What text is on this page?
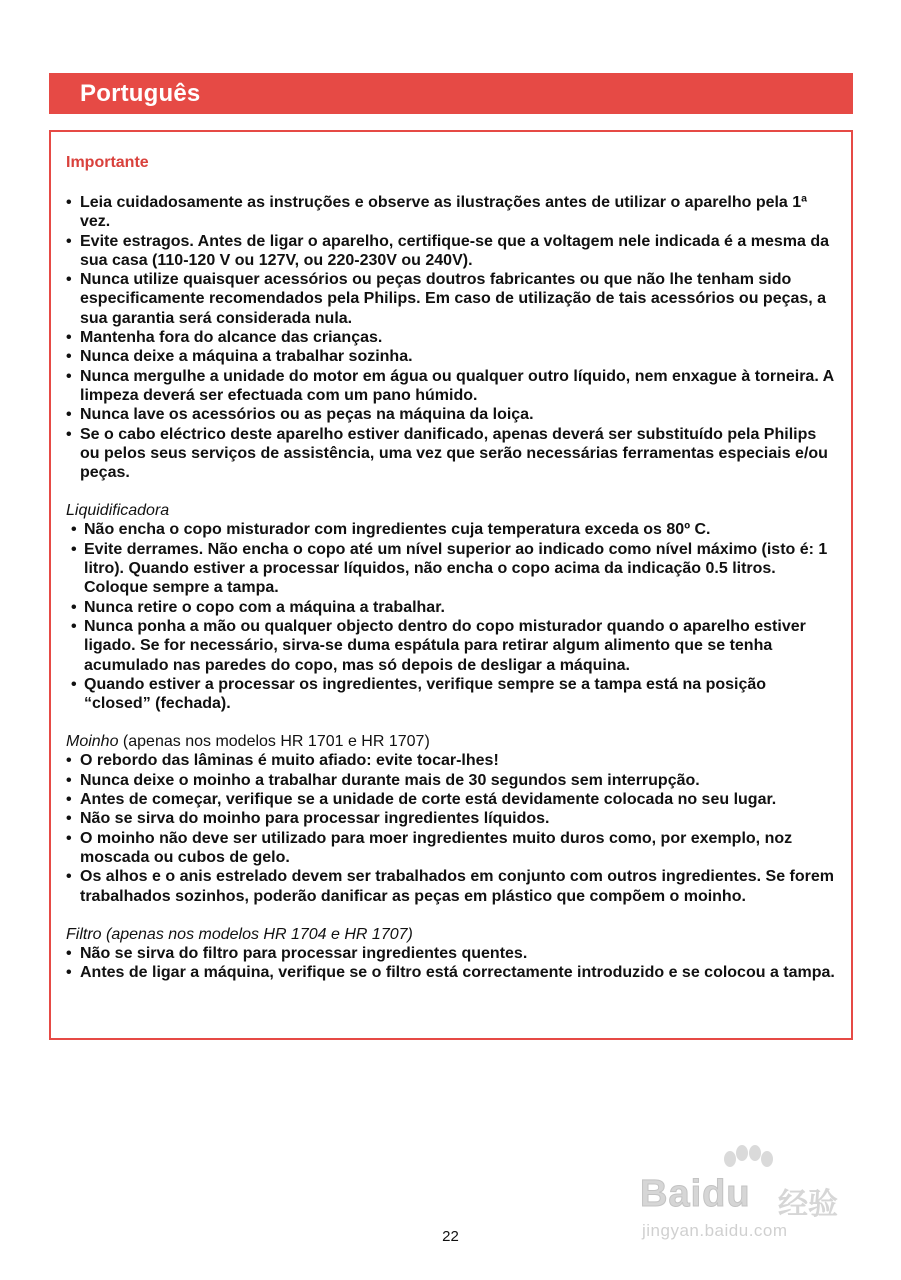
Português
Importante
• Leia cuidadosamente as instruções e observe as ilustrações antes de utilizar o aparelho pela 1ª vez.
• Evite estragos. Antes de ligar o aparelho, certifique-se que a voltagem nele indicada é a mesma da sua casa (110-120 V ou 127V, ou 220-230V ou 240V).
• Nunca utilize quaisquer acessórios ou peças doutros fabricantes ou que não lhe tenham sido especificamente recomendados pela Philips. Em caso de utilização de tais acessórios ou peças, a sua garantia será considerada nula.
• Mantenha fora do alcance das crianças.
• Nunca deixe a máquina a trabalhar sozinha.
• Nunca mergulhe a unidade do motor em água ou qualquer outro líquido, nem enxague à torneira. A limpeza deverá ser efectuada com um pano húmido.
• Nunca lave os acessórios ou as peças na máquina da loiça.
• Se o cabo eléctrico deste aparelho estiver danificado, apenas deverá ser substituído pela Philips ou pelos seus serviços de assistência, uma vez que serão necessárias ferramentas especiais e/ou peças.

Liquidificadora

• Não encha o copo misturador com ingredientes cuja temperatura exceda os 80º C.
• Evite derrames. Não encha o copo até um nível superior ao indicado como nível máximo (isto é: 1 litro). Quando estiver a processar líquidos, não encha o copo acima da indicação 0.5 litros. Coloque sempre a tampa.
• Nunca retire o copo com a máquina a trabalhar.
• Nunca ponha a mão ou qualquer objecto dentro do copo misturador quando o aparelho estiver ligado. Se for necessário, sirva-se duma espátula para retirar algum alimento que se tenha acumulado nas paredes do copo, mas só depois de desligar a máquina.
• Quando estiver a processar os ingredientes, verifique sempre se a tampa está na posição “closed” (fechada).

Moinho (apenas nos modelos HR 1701 e HR 1707)

• O rebordo das lâminas é muito afiado: evite tocar-lhes!
• Nunca deixe o moinho a trabalhar durante mais de 30 segundos sem interrupção.
• Antes de começar, verifique se a unidade de corte está devidamente colocada no seu lugar.
• Não se sirva do moinho para processar ingredientes líquidos.
• O moinho não deve ser utilizado para moer ingredientes muito duros como, por exemplo, noz moscada ou cubos de gelo.
• Os alhos e o anis estrelado devem ser trabalhados em conjunto com outros ingredientes. Se forem trabalhados sozinhos, poderão danificar as peças em plástico que compõem o moinho.

Filtro (apenas nos modelos HR 1704 e HR 1707)

• Não se sirva do filtro para processar ingredientes quentes.
• Antes de ligar a máquina, verifique se o filtro está correctamente introduzido e se colocou a tampa.
Baidu 经验
jingyan.baidu.com
22
